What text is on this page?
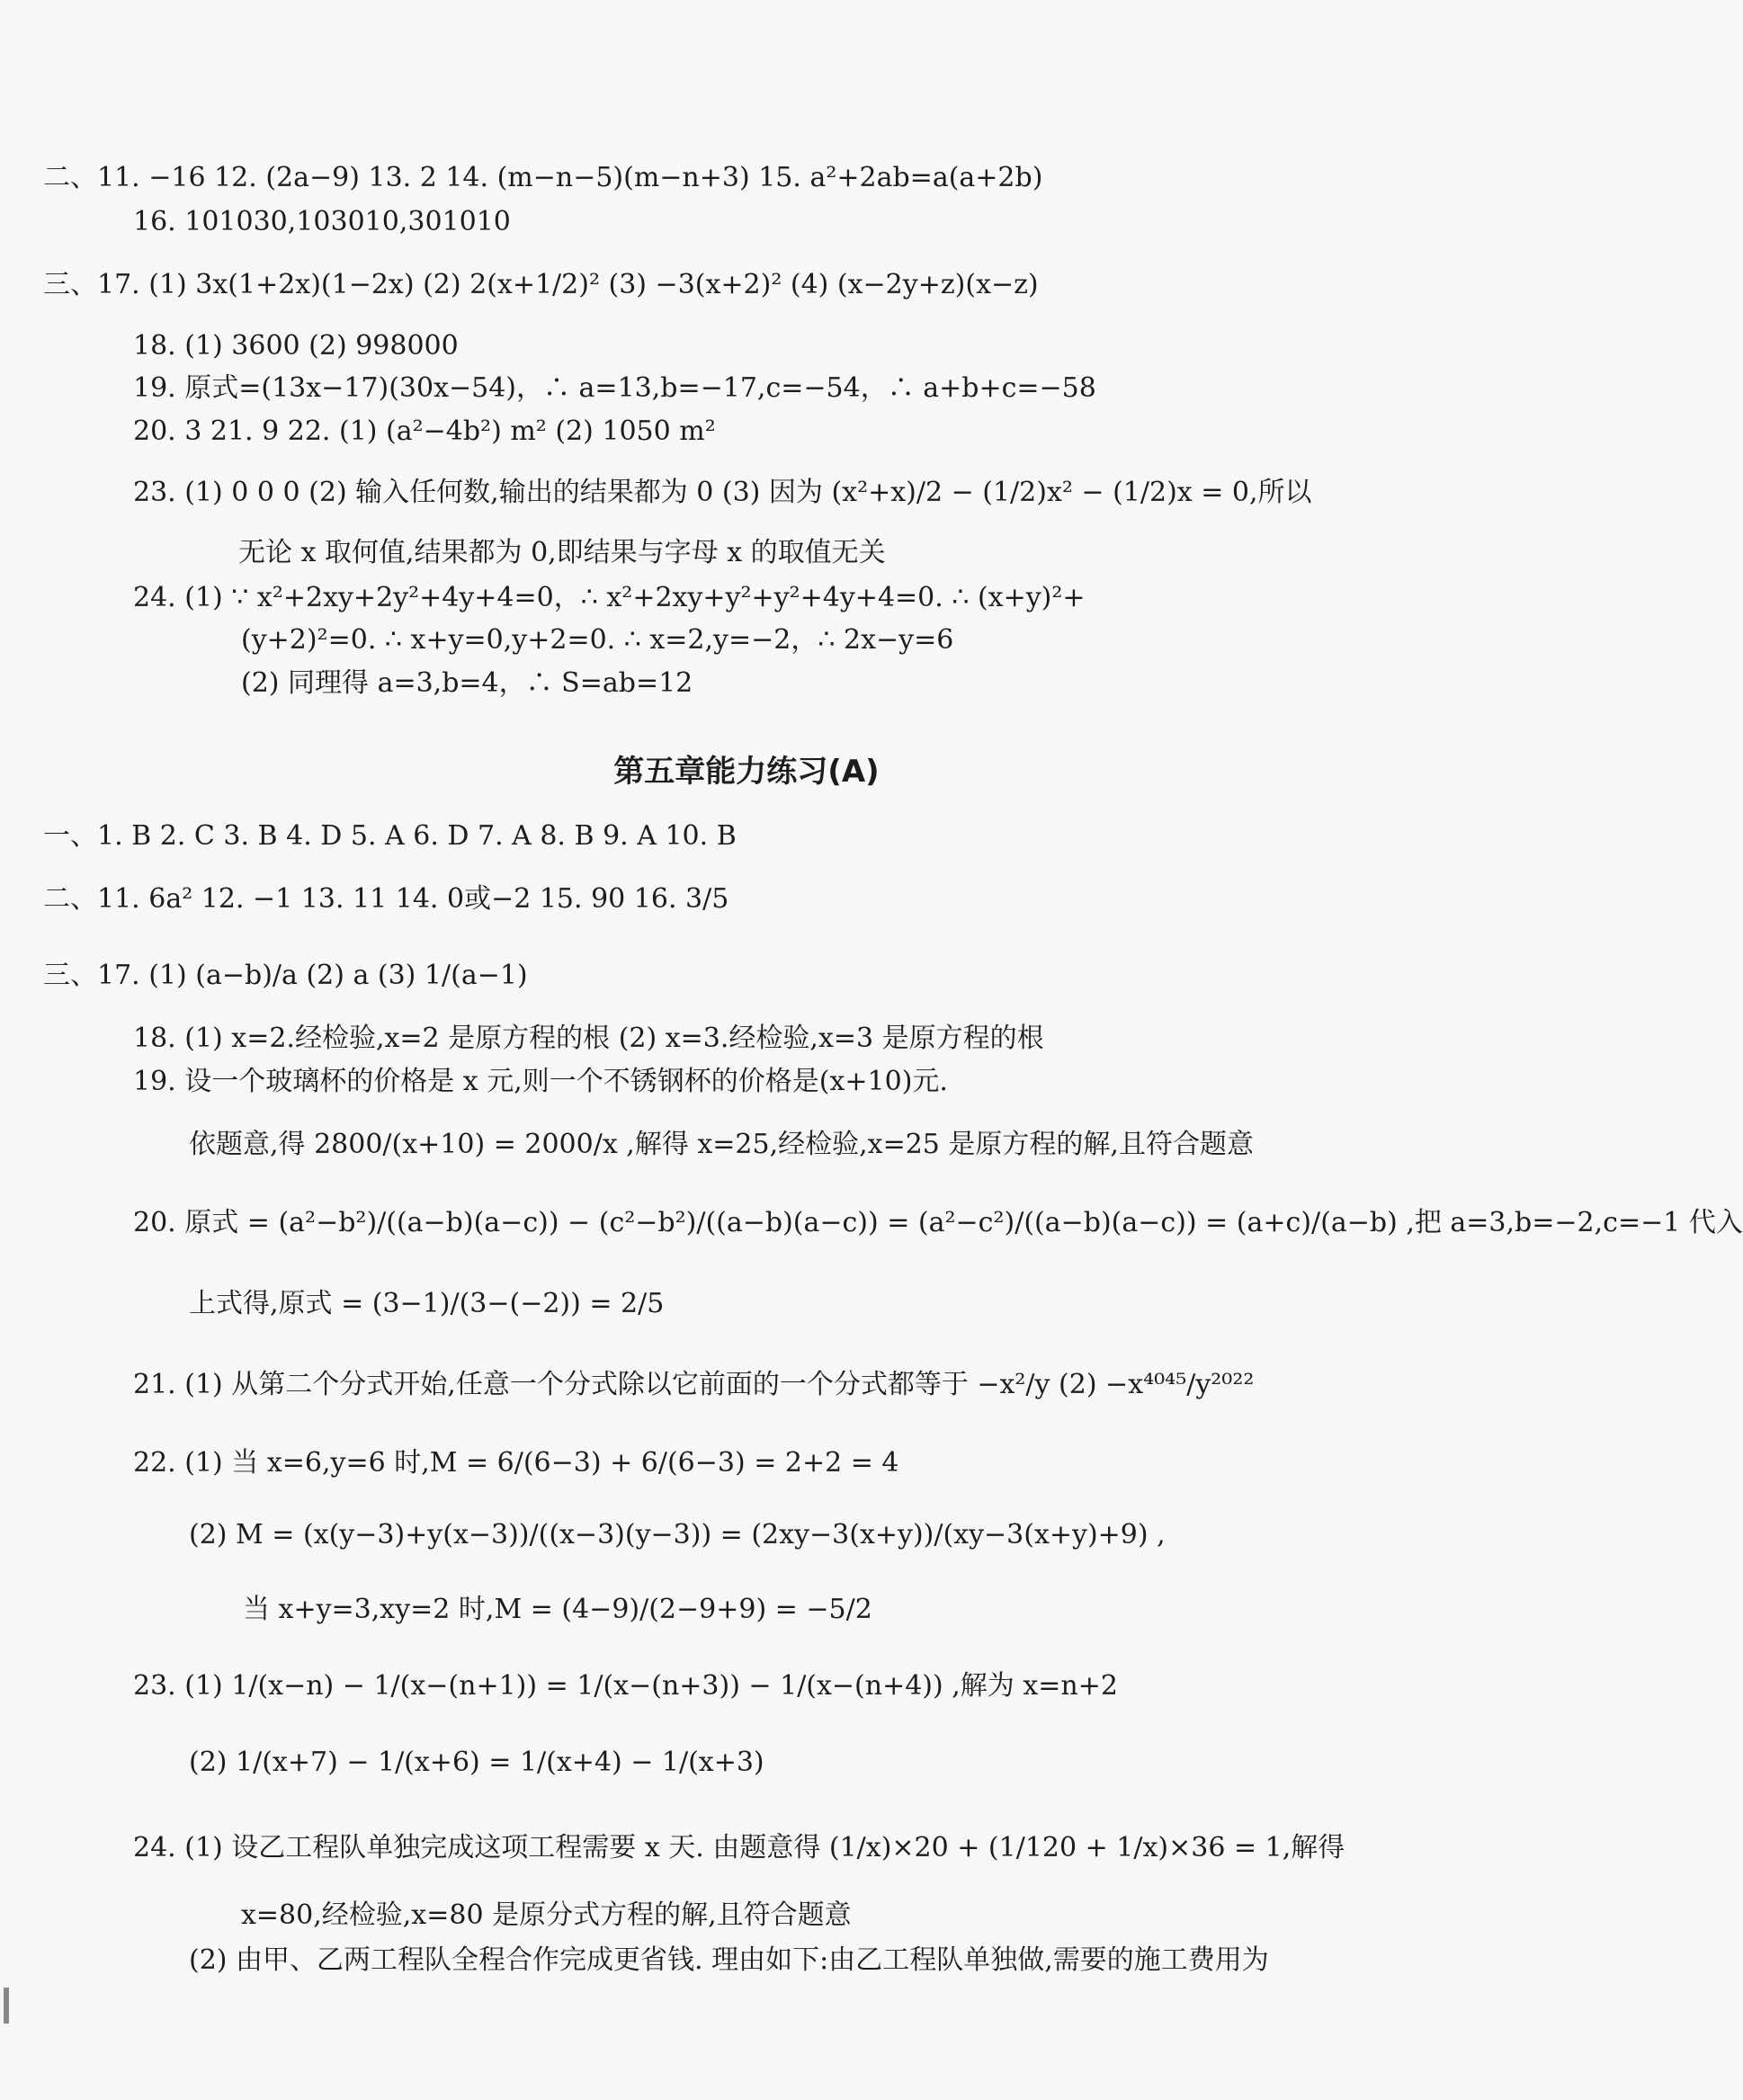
二、11. −16 12. (2a−9) 13. 2 14. (m−n−5)(m−n+3) 15. a²+2ab=a(a+2b)
16. 101030,103010,301010
三、17. (1) 3x(1+2x)(1−2x) (2) 2(x+1/2)² (3) −3(x+2)² (4) (x−2y+z)(x−z)
18. (1) 3600 (2) 998000
19. 原式=(13x−17)(30x−54)，∴ a=13,b=−17,c=−54，∴ a+b+c=−58
20. 3 21. 9 22. (1) (a²−4b²) m² (2) 1050 m²
23. (1) 0 0 0 (2) 输入任何数,输出的结果都为 0 (3) 因为 (x²+x)/2 − (1/2)x² − (1/2)x = 0,所以
无论 x 取何值,结果都为 0,即结果与字母 x 的取值无关
24. (1) ∵ x²+2xy+2y²+4y+4=0，∴ x²+2xy+y²+y²+4y+4=0. ∴ (x+y)²+
(y+2)²=0. ∴ x+y=0,y+2=0. ∴ x=2,y=−2，∴ 2x−y=6
(2) 同理得 a=3,b=4，∴ S=ab=12
第五章能力练习(A)
一、1. B 2. C 3. B 4. D 5. A 6. D 7. A 8. B 9. A 10. B
二、11. 6a² 12. −1 13. 11 14. 0或−2 15. 90 16. 3/5
三、17. (1) (a−b)/a (2) a (3) 1/(a−1)
18. (1) x=2.经检验,x=2 是原方程的根 (2) x=3.经检验,x=3 是原方程的根
19. 设一个玻璃杯的价格是 x 元,则一个不锈钢杯的价格是(x+10)元.
依题意,得 2800/(x+10) = 2000/x ,解得 x=25,经检验,x=25 是原方程的解,且符合题意
20. 原式 = (a²−b²)/((a−b)(a−c)) − (c²−b²)/((a−b)(a−c)) = (a²−c²)/((a−b)(a−c)) = (a+c)/(a−b) ,把 a=3,b=−2,c=−1 代入
上式得,原式 = (3−1)/(3−(−2)) = 2/5
21. (1) 从第二个分式开始,任意一个分式除以它前面的一个分式都等于 −x²/y (2) −x⁴⁰⁴⁵/y²⁰²²
22. (1) 当 x=6,y=6 时,M = 6/(6−3) + 6/(6−3) = 2+2 = 4
(2) M = (x(y−3)+y(x−3))/((x−3)(y−3)) = (2xy−3(x+y))/(xy−3(x+y)+9) ,
当 x+y=3,xy=2 时,M = (4−9)/(2−9+9) = −5/2
23. (1) 1/(x−n) − 1/(x−(n+1)) = 1/(x−(n+3)) − 1/(x−(n+4)) ,解为 x=n+2
(2) 1/(x+7) − 1/(x+6) = 1/(x+4) − 1/(x+3)
24. (1) 设乙工程队单独完成这项工程需要 x 天. 由题意得 (1/x)×20 + (1/120 + 1/x)×36 = 1,解得
x=80,经检验,x=80 是原分式方程的解,且符合题意
(2) 由甲、乙两工程队全程合作完成更省钱. 理由如下:由乙工程队单独做,需要的施工费用为
